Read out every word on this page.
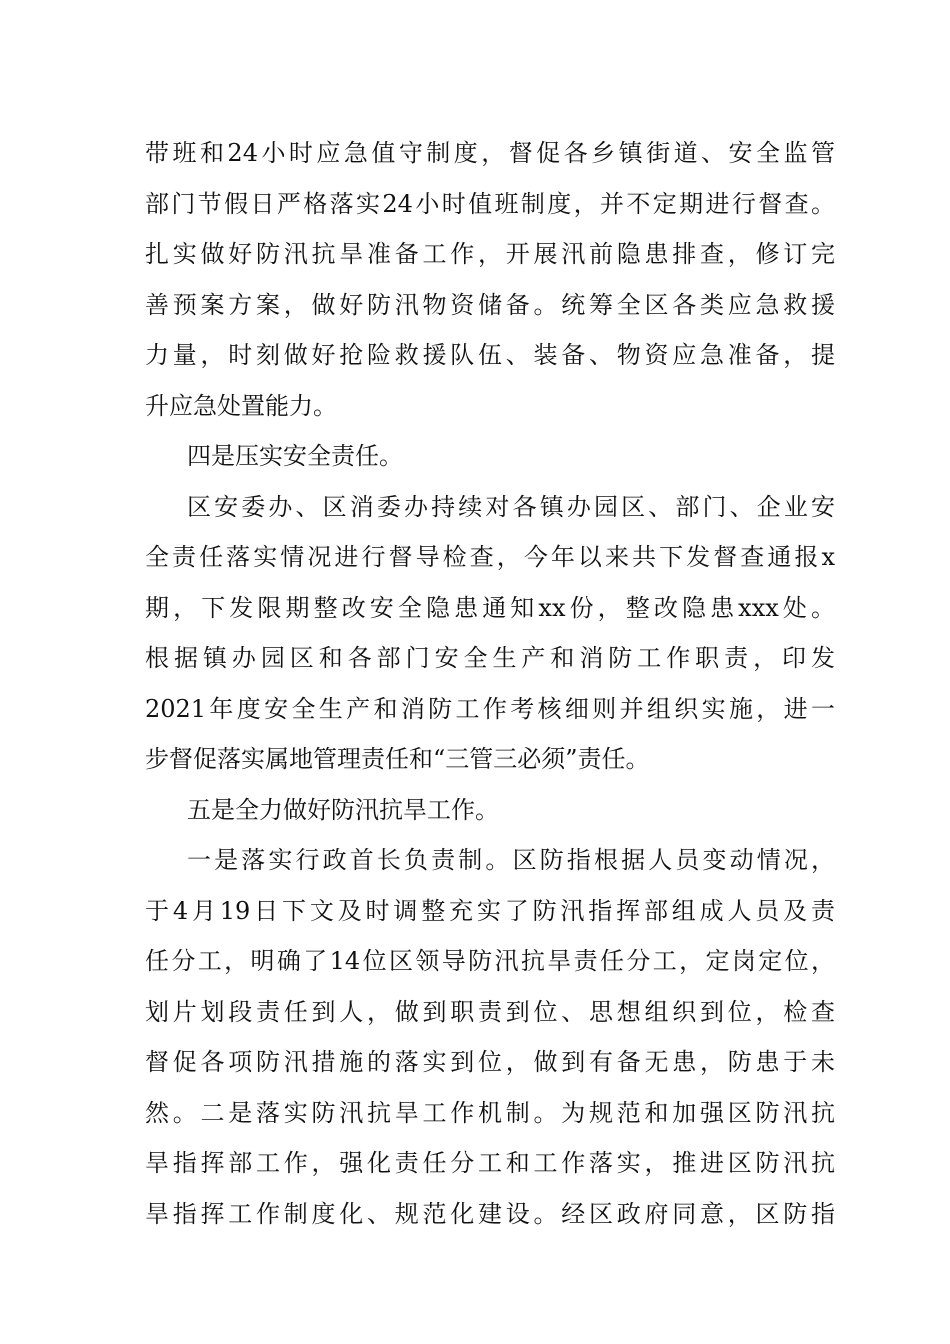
带班和24小时应急值守制度，督促各乡镇街道、安全监管
部门节假日严格落实24小时值班制度，并不定期进行督查。
扎实做好防汛抗旱准备工作，开展汛前隐患排查，修订完
善预案方案，做好防汛物资储备。统筹全区各类应急救援
力量，时刻做好抢险救援队伍、装备、物资应急准备，提
升应急处置能力。
四是压实安全责任。
区安委办、区消委办持续对各镇办园区、部门、企业安
全责任落实情况进行督导检查，今年以来共下发督查通报x
期，下发限期整改安全隐患通知xx份，整改隐患xxx处。
根据镇办园区和各部门安全生产和消防工作职责，印发
2021年度安全生产和消防工作考核细则并组织实施，进一
步督促落实属地管理责任和“三管三必须”责任。
五是全力做好防汛抗旱工作。
一是落实行政首长负责制。区防指根据人员变动情况，
于4月19日下文及时调整充实了防汛指挥部组成人员及责
任分工，明确了14位区领导防汛抗旱责任分工，定岗定位，
划片划段责任到人，做到职责到位、思想组织到位，检查
督促各项防汛措施的落实到位，做到有备无患，防患于未
然。二是落实防汛抗旱工作机制。为规范和加强区防汛抗
旱指挥部工作，强化责任分工和工作落实，推进区防汛抗
旱指挥工作制度化、规范化建设。经区政府同意，区防指
